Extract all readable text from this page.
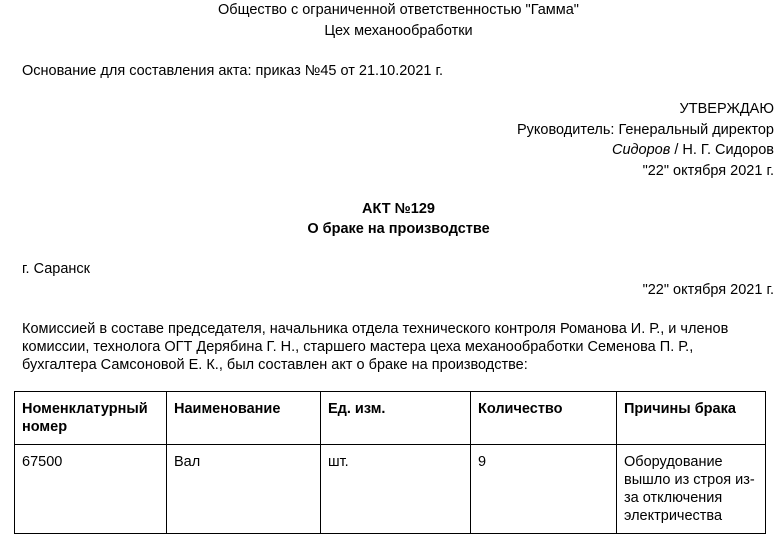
Общество с ограниченной ответственностью "Гамма"
Цех механообработки
Основание для составления акта: приказ №45 от 21.10.2021 г.
УТВЕРЖДАЮ
Руководитель: Генеральный директор
Сидоров / Н. Г. Сидоров
"22" октября 2021 г.
АКТ №129
О браке на производстве
г. Саранск
"22" октября 2021 г.
Комиссией в составе председателя, начальника отдела технического контроля Романова И. Р., и членов
комиссии, технолога ОГТ Дерябина Г. Н., старшего мастера цеха механообработки Семенова П. Р.,
бухгалтера Самсоновой Е. К., был составлен акт о браке на производстве:
Номенклатурный номер	Наименование	Ед. изм.	Количество	Причины брака
67500	Вал	шт.	9	Оборудование вышло из строя из-за отключения электричества
